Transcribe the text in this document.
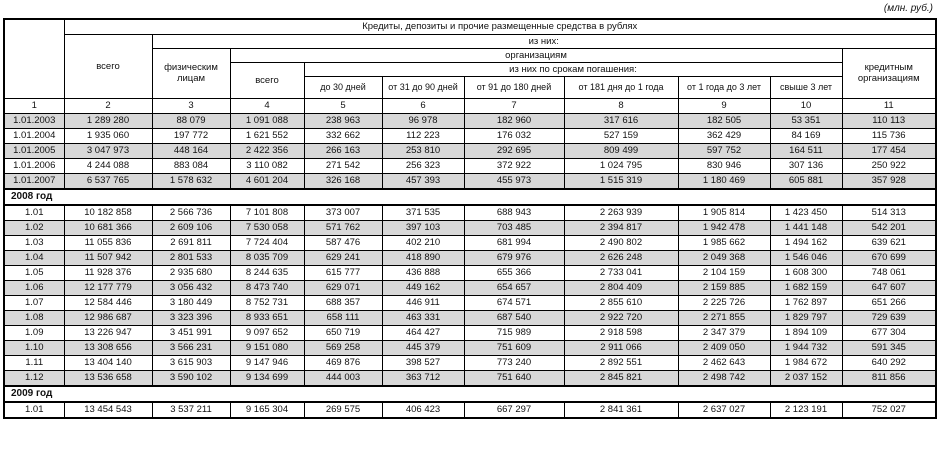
(млн. руб.)
	Кредиты, депозиты и прочие размещенные средства в рублях									
	всего	из них:								
		физическим лицам	организациям							кредитным организациям
			всего	из них по срокам погашения:						
				до 30 дней	от 31 до 90 дней	от 91 до 180 дней	от 181 дня до 1 года	от 1 года до 3 лет	свыше 3 лет	
1	2	3	4	5	6	7	8	9	10	11
1.01.2003	1 289 280	88 079	1 091 088	238 963	96 978	182 960	317 616	182 505	53 351	110 113
1.01.2004	1 935 060	197 772	1 621 552	332 662	112 223	176 032	527 159	362 429	84 169	115 736
1.01.2005	3 047 973	448 164	2 422 356	266 163	253 810	292 695	809 499	597 752	164 511	177 454
1.01.2006	4 244 088	883 084	3 110 082	271 542	256 323	372 922	1 024 795	830 946	307 136	250 922
1.01.2007	6 537 765	1 578 632	4 601 204	326 168	457 393	455 973	1 515 319	1 180 469	605 881	357 928
2008 год										
1.01	10 182 858	2 566 736	7 101 808	373 007	371 535	688 943	2 263 939	1 905 814	1 423 450	514 313
1.02	10 681 366	2 609 106	7 530 058	571 762	397 103	703 485	2 394 817	1 942 478	1 441 148	542 201
1.03	11 055 836	2 691 811	7 724 404	587 476	402 210	681 994	2 490 802	1 985 662	1 494 162	639 621
1.04	11 507 942	2 801 533	8 035 709	629 241	418 890	679 976	2 626 248	2 049 368	1 546 046	670 699
1.05	11 928 376	2 935 680	8 244 635	615 777	436 888	655 366	2 733 041	2 104 159	1 608 300	748 061
1.06	12 177 779	3 056 432	8 473 740	629 071	449 162	654 657	2 804 409	2 159 885	1 682 159	647 607
1.07	12 584 446	3 180 449	8 752 731	688 357	446 911	674 571	2 855 610	2 225 726	1 762 897	651 266
1.08	12 986 687	3 323 396	8 933 651	658 111	463 331	687 540	2 922 720	2 271 855	1 829 797	729 639
1.09	13 226 947	3 451 991	9 097 652	650 719	464 427	715 989	2 918 598	2 347 379	1 894 109	677 304
1.10	13 308 656	3 566 231	9 151 080	569 258	445 379	751 609	2 911 066	2 409 050	1 944 732	591 345
1.11	13 404 140	3 615 903	9 147 946	469 876	398 527	773 240	2 892 551	2 462 643	1 984 672	640 292
1.12	13 536 658	3 590 102	9 134 699	444 003	363 712	751 640	2 845 821	2 498 742	2 037 152	811 856
2009 год										
1.01	13 454 543	3 537 211	9 165 304	269 575	406 423	667 297	2 841 361	2 637 027	2 123 191	752 027
